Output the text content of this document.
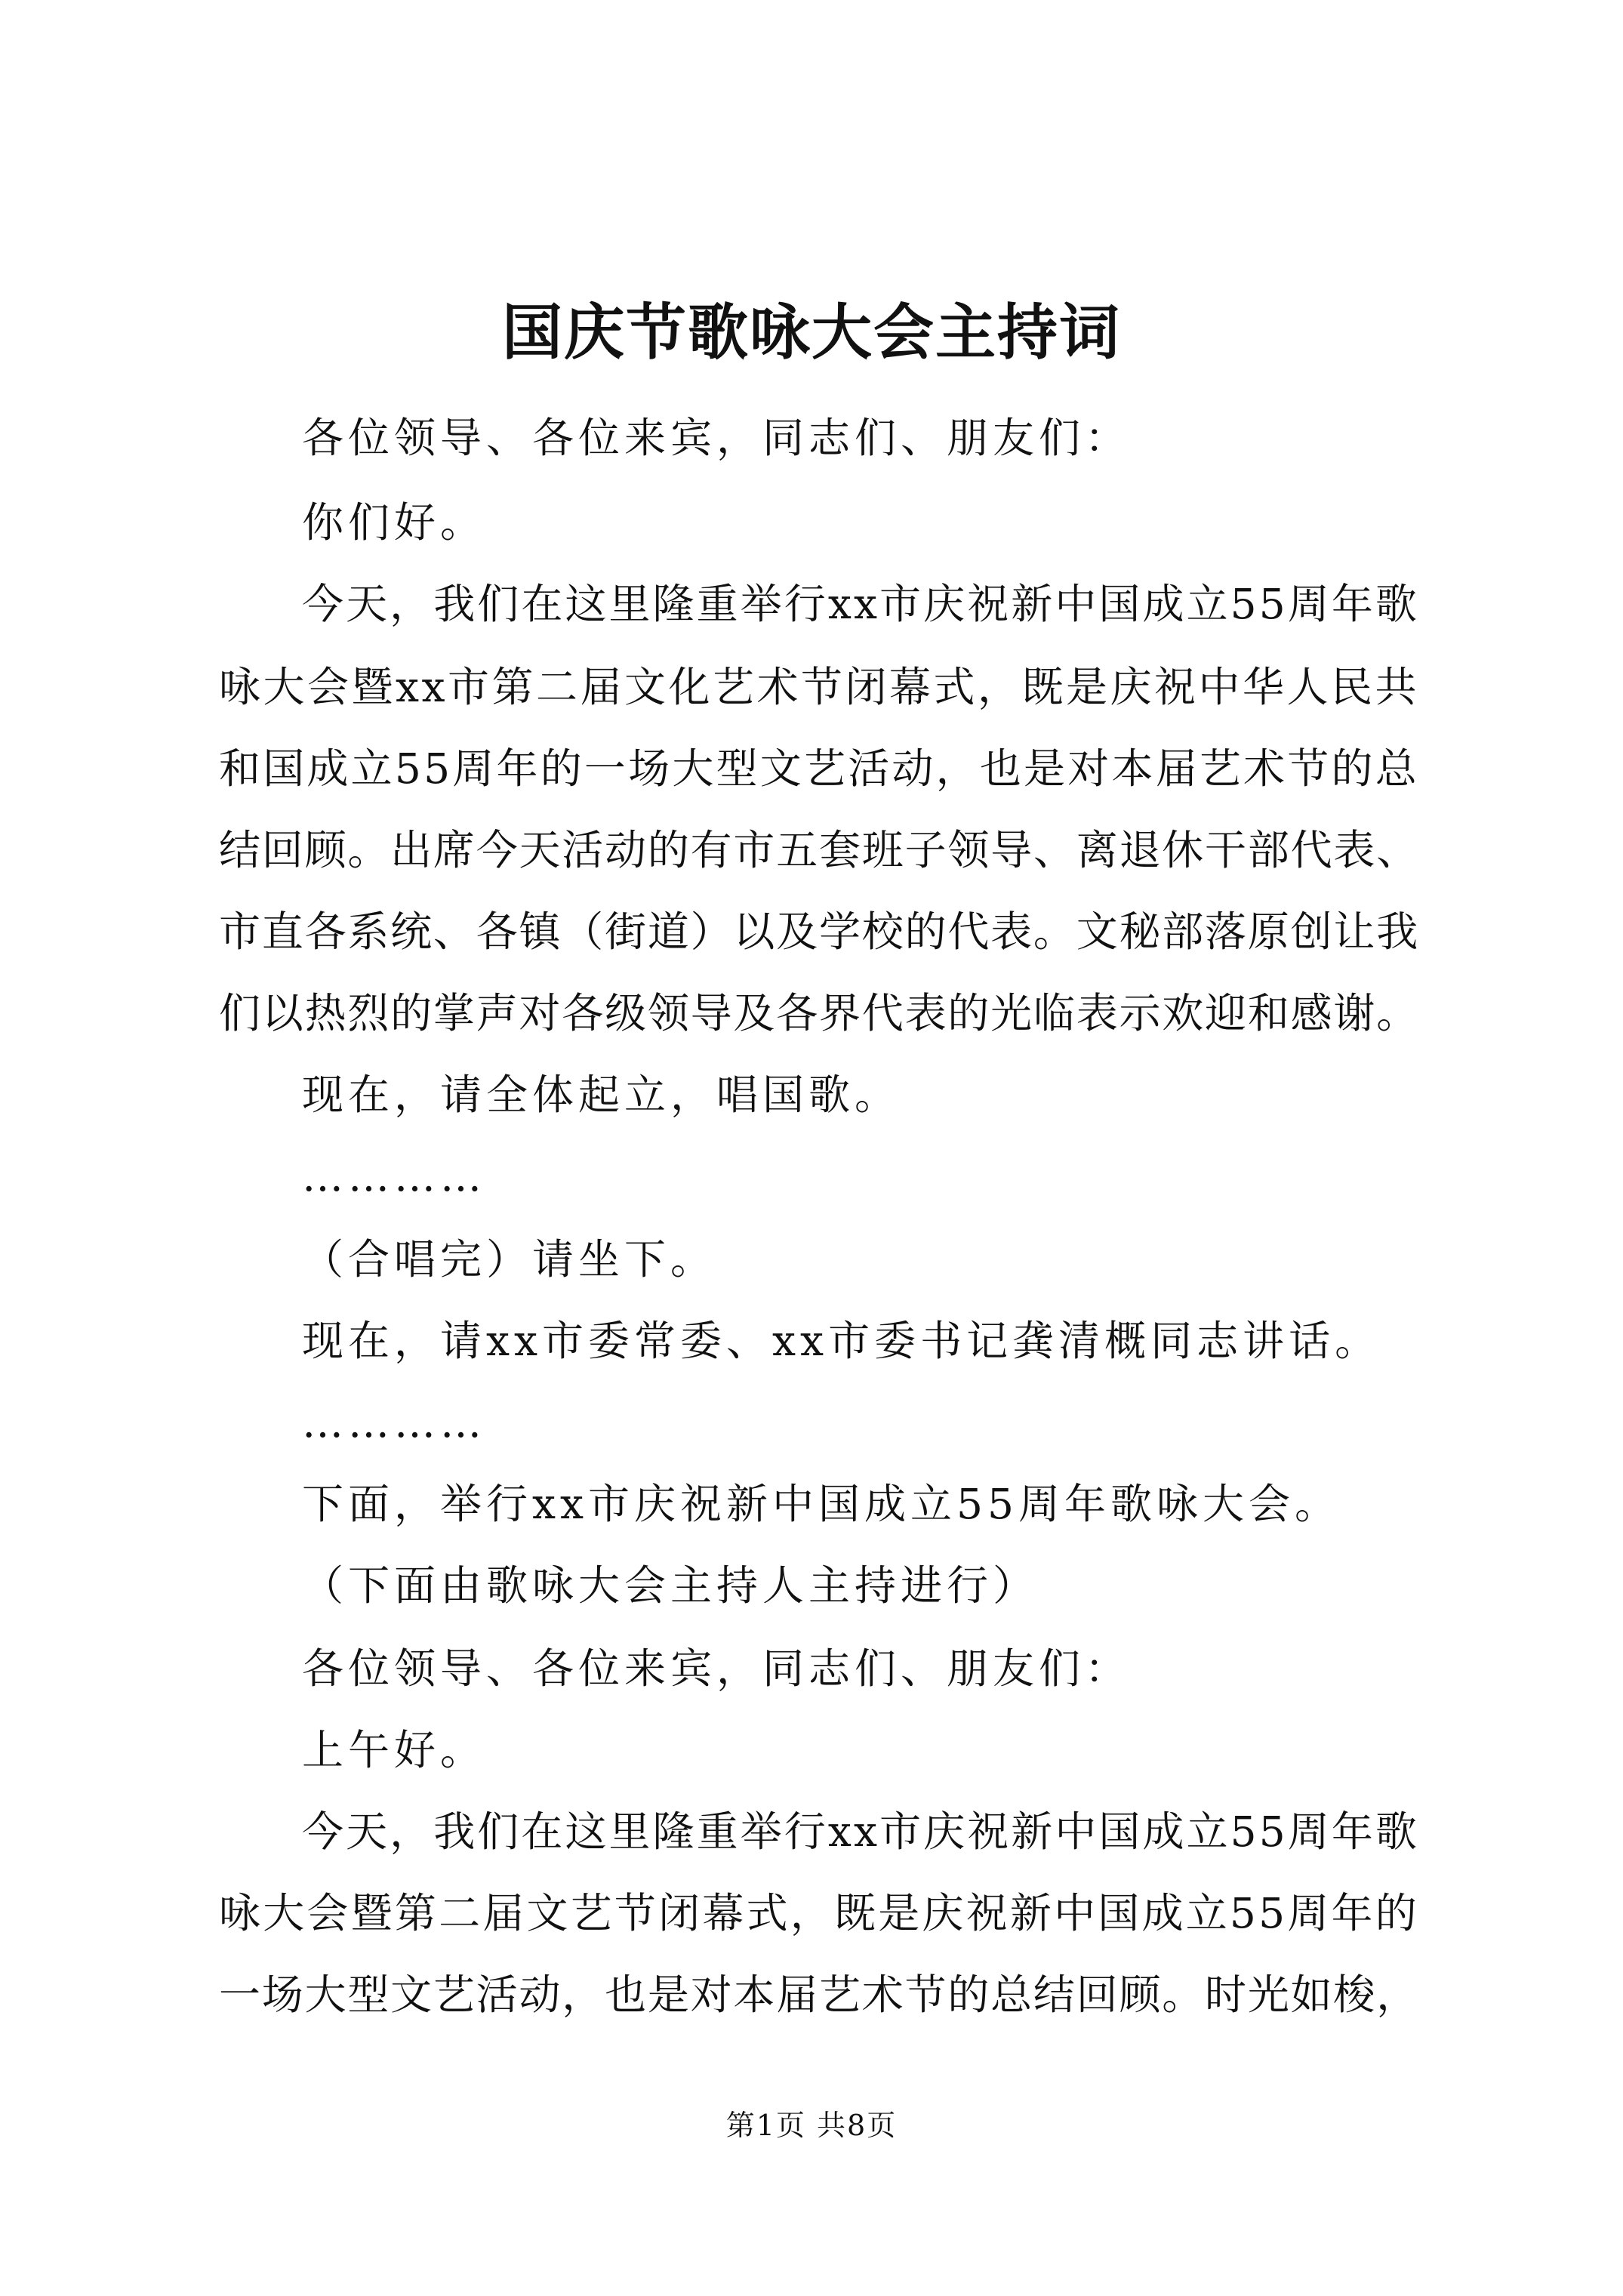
国庆节歌咏大会主持词
各位领导、各位来宾，同志们、朋友们：
你们好。
今天，我们在这里隆重举行xx市庆祝新中国成立55周年歌
咏大会暨xx市第二届文化艺术节闭幕式，既是庆祝中华人民共
和国成立55周年的一场大型文艺活动，也是对本届艺术节的总
结回顾。出席今天活动的有市五套班子领导、离退休干部代表、
市直各系统、各镇（街道）以及学校的代表。文秘部落原创让我
们以热烈的掌声对各级领导及各界代表的光临表示欢迎和感谢。
现在，请全体起立，唱国歌。
…………
（合唱完）请坐下。
现在，请xx市委常委、xx市委书记龚清概同志讲话。
…………
下面，举行xx市庆祝新中国成立55周年歌咏大会。
（下面由歌咏大会主持人主持进行）
各位领导、各位来宾，同志们、朋友们：
上午好。
今天，我们在这里隆重举行xx市庆祝新中国成立55周年歌
咏大会暨第二届文艺节闭幕式，既是庆祝新中国成立55周年的
一场大型文艺活动，也是对本届艺术节的总结回顾。时光如梭，
第1页 共8页
